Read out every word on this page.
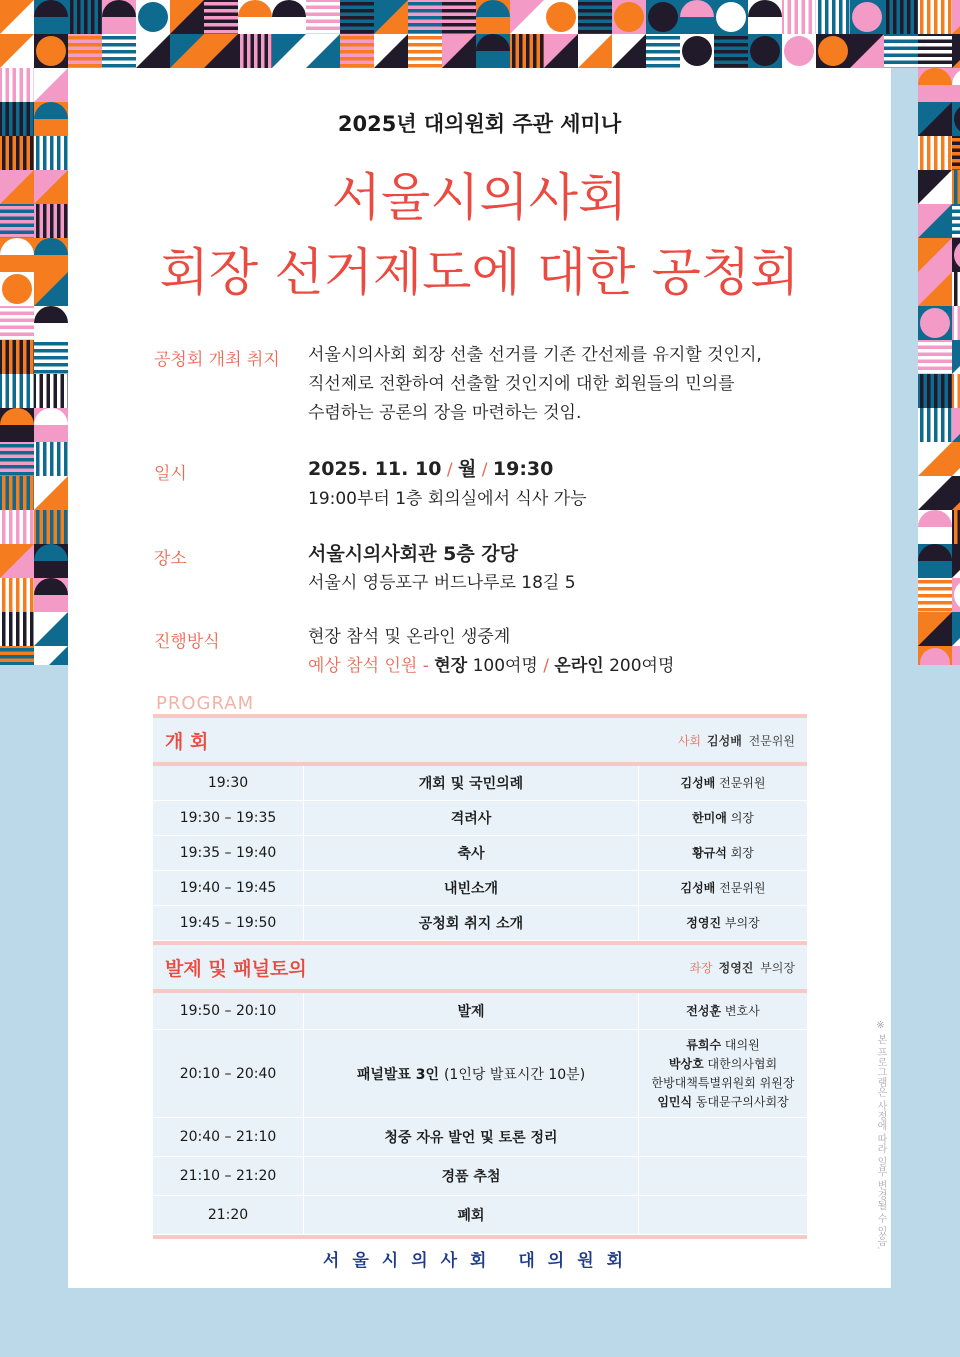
2025년 대의원회 주관 세미나
서울시의사회
회장 선거제도에 대한 공청회
공청회 개최 취지 서울시의사회 회장 선출 선거를 기존 간선제를 유지할 것인지,
직선제로 전환하여 선출할 것인지에 대한 회원들의 민의를
수렴하는 공론의 장을 마련하는 것임.
일시	2025. 11. 10 / 월 / 19:30
19:00부터 1층 회의실에서 식사 가능
장소	서울시의사회관 5층 강당
서울시 영등포구 버드나루로 18길 5
진행방식	현장 참석 및 온라인 생중계
예상 참석 인원 - 현장 100여명 / 온라인 200여명
PROGRAM
개 회	사회 김성배 전문위원
19:30	개회 및 국민의례	김성배 전문위원
19:30 – 19:35	격려사	한미애 의장
19:35 – 19:40	축사	황규석 회장
19:40 – 19:45	내빈소개	김성배 전문위원
19:45 – 19:50	공청회 취지 소개	정영진 부의장
발제 및 패널토의	좌장 정영진 부의장
19:50 – 20:10	발제	전성훈 변호사
20:10 – 20:40	패널발표 3인 (1인당 발표시간 10분)	류희수 대의원
박상호 대한의사협회
한방대책특별위원회 위원장
임민식 동대문구의사회장

20:40 – 21:10	청중 자유 발언 및 토론 정리	
21:10 – 21:20	경품 추첨	
21:20	폐회	
서울시의사회 대의원회
※ 본 프로그램은 사정에 따라 일부 변경될 수 있음.
